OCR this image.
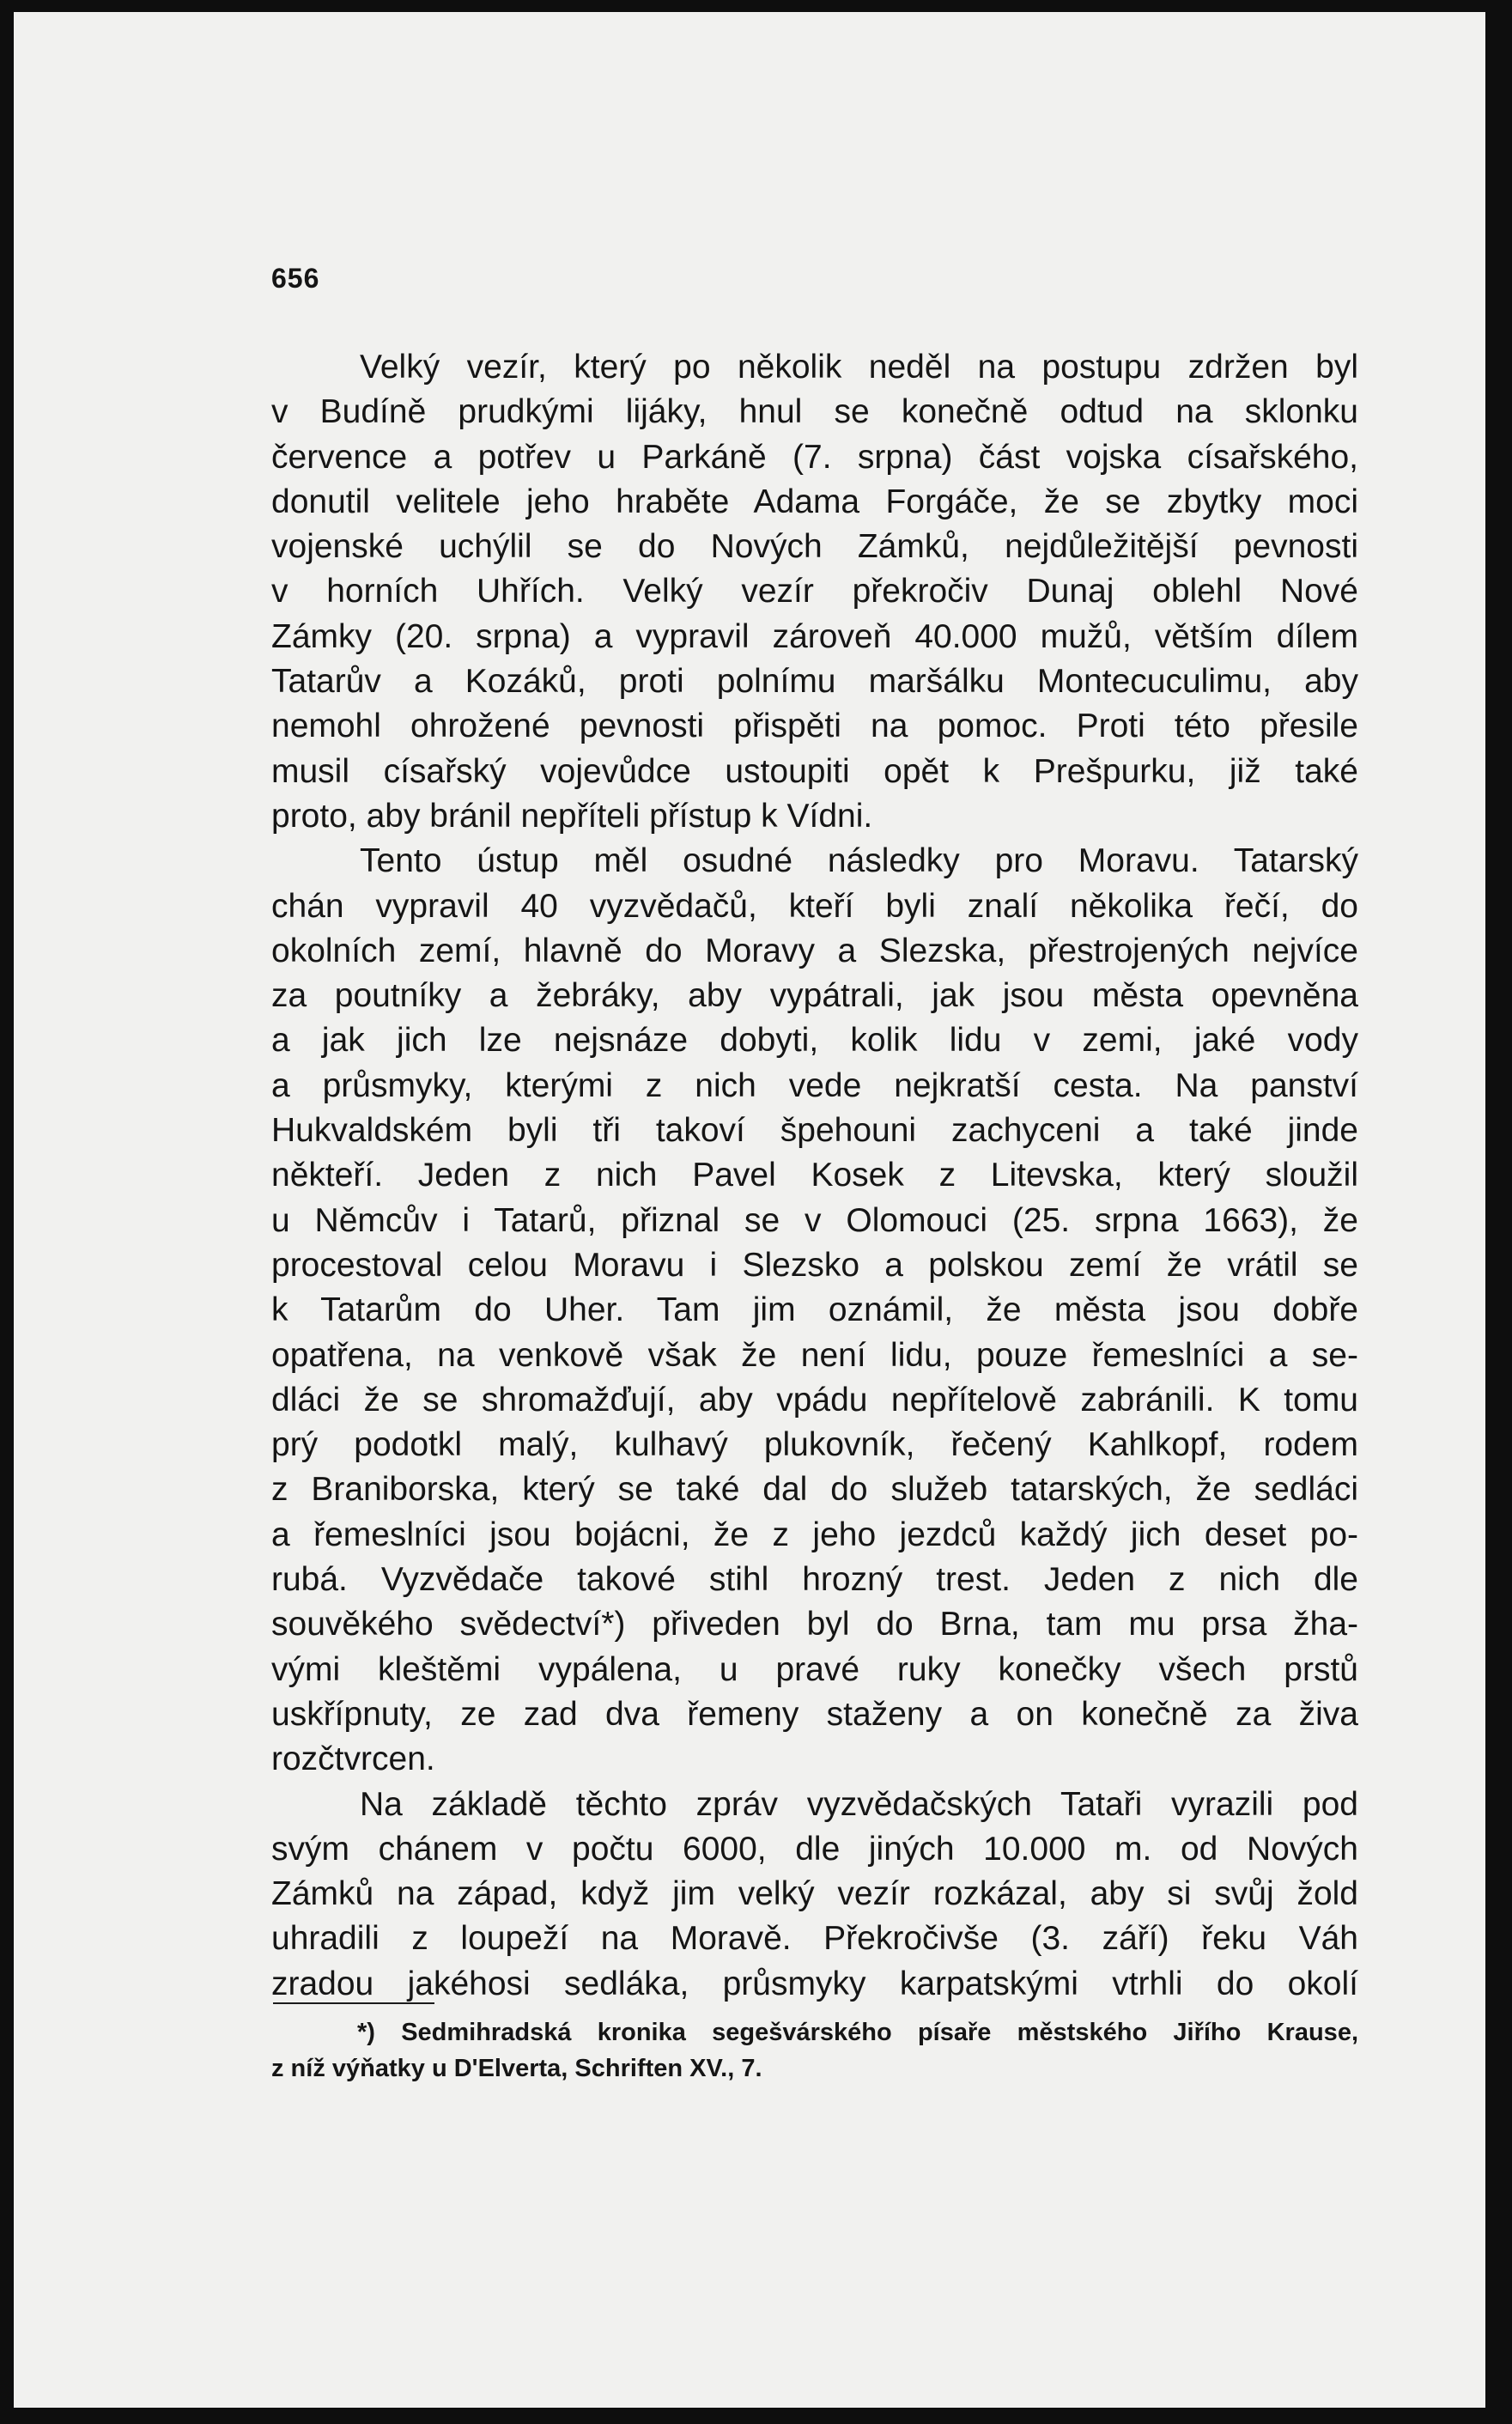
656
Velký vezír, který po několik neděl na postupu zdržen byl
v Budíně prudkými lijáky, hnul se konečně odtud na sklonku
července a potřev u Parkáně (7. srpna) část vojska císařského,
donutil velitele jeho hraběte Adama Forgáče, že se zbytky moci
vojenské uchýlil se do Nových Zámků, nejdůležitější pevnosti
v horních Uhřích. Velký vezír překročiv Dunaj oblehl Nové
Zámky (20. srpna) a vypravil zároveň 40.000 mužů, větším dílem
Tatarův a Kozáků, proti polnímu maršálku Montecuculimu, aby
nemohl ohrožené pevnosti přispěti na pomoc. Proti této přesile
musil císařský vojevůdce ustoupiti opět k Prešpurku, již také
proto, aby bránil nepříteli přístup k Vídni.
Tento ústup měl osudné následky pro Moravu. Tatarský
chán vypravil 40 vyzvědačů, kteří byli znalí několika řečí, do
okolních zemí, hlavně do Moravy a Slezska, přestrojených nejvíce
za poutníky a žebráky, aby vypátrali, jak jsou města opevněna
a jak jich lze nejsnáze dobyti, kolik lidu v zemi, jaké vody
a průsmyky, kterými z nich vede nejkratší cesta. Na panství
Hukvaldském byli tři takoví špehouni zachyceni a také jinde
někteří. Jeden z nich Pavel Kosek z Litevska, který sloužil
u Němcův i Tatarů, přiznal se v Olomouci (25. srpna 1663), že
procestoval celou Moravu i Slezsko a polskou zemí že vrátil se
k Tatarům do Uher. Tam jim oznámil, že města jsou dobře
opatřena, na venkově však že není lidu, pouze řemeslníci a se-
dláci že se shromažďují, aby vpádu nepřítelově zabránili. K tomu
prý podotkl malý, kulhavý plukovník, řečený Kahlkopf, rodem
z Braniborska, který se také dal do služeb tatarských, že sedláci
a řemeslníci jsou bojácni, že z jeho jezdců každý jich deset po-
rubá. Vyzvědače takové stihl hrozný trest. Jeden z nich dle
souvěkého svědectví*) přiveden byl do Brna, tam mu prsa žha-
vými kleštěmi vypálena, u pravé ruky konečky všech prstů
uskřípnuty, ze zad dva řemeny staženy a on konečně za živa
rozčtvrcen.
Na základě těchto zpráv vyzvědačských Tataři vyrazili pod
svým chánem v počtu 6000, dle jiných 10.000 m. od Nových
Zámků na západ, když jim velký vezír rozkázal, aby si svůj žold
uhradili z loupeží na Moravě. Překročivše (3. září) řeku Váh
zradou jakéhosi sedláka, průsmyky karpatskými vtrhli do okolí
*) Sedmihradská kronika segešvárského písaře městského Jiřího Krause,
z níž výňatky u D'Elverta, Schriften XV., 7.
